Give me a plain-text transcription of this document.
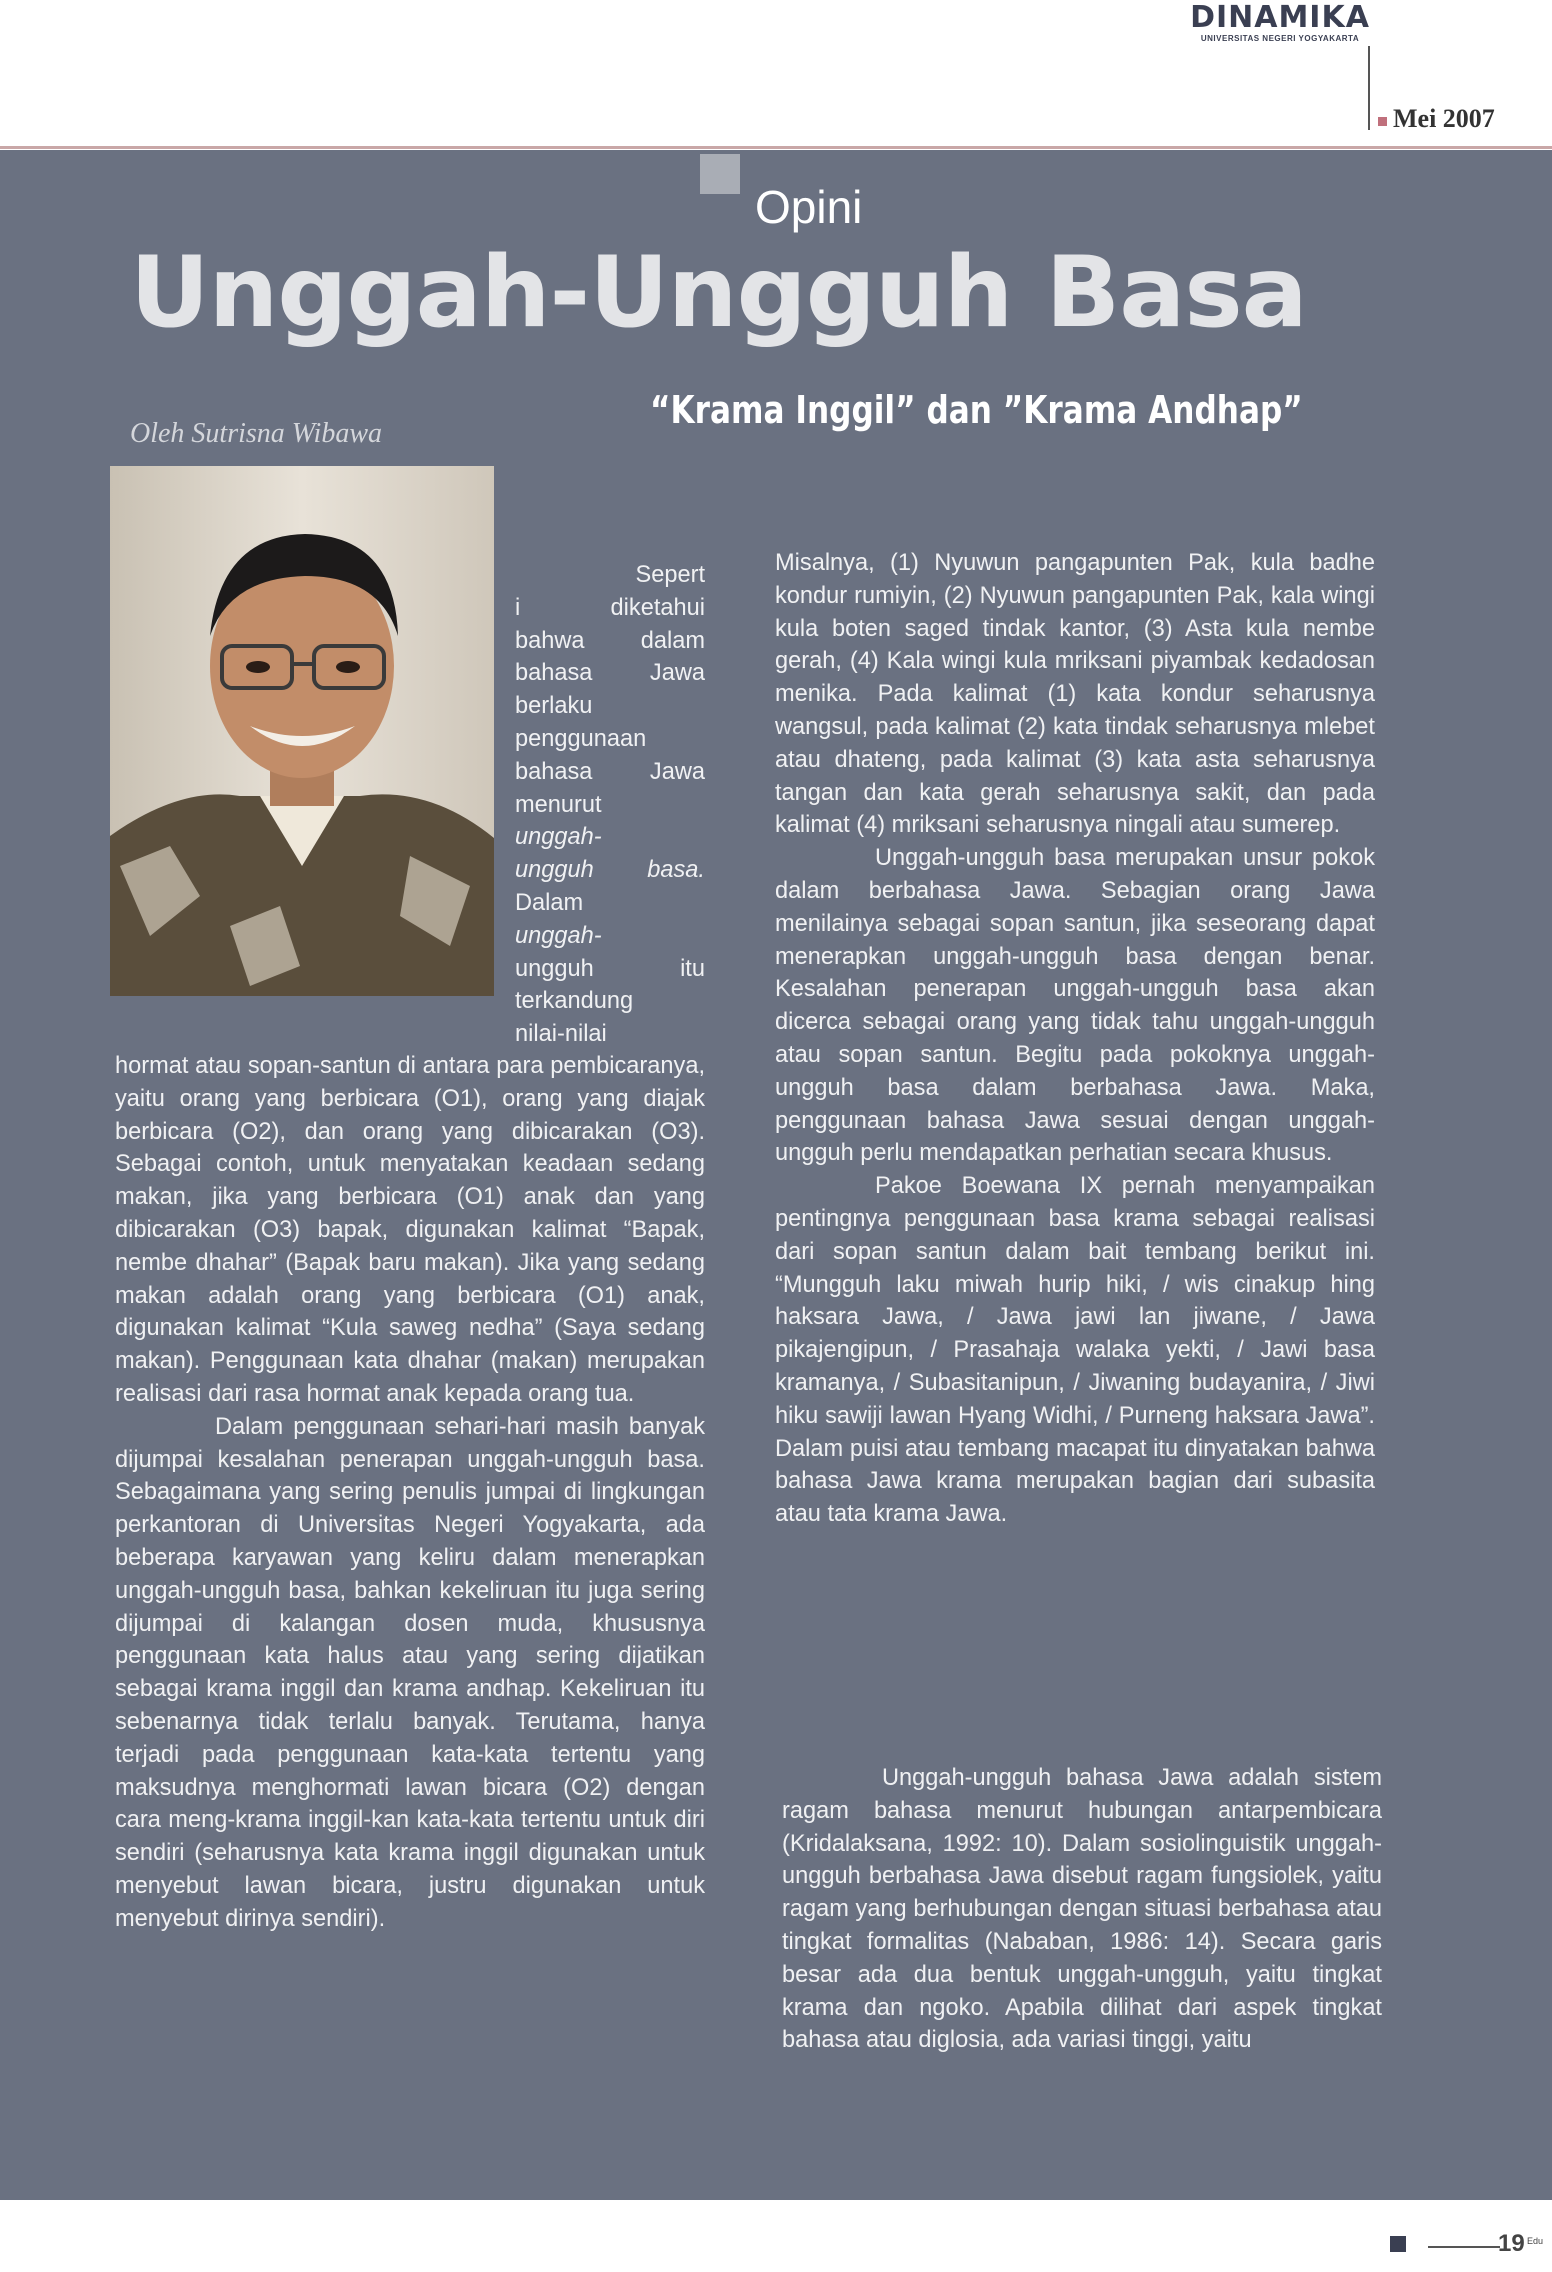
DINAMIKA
UNIVERSITAS NEGERI YOGYAKARTA
Mei 2007
Opini
Unggah-Ungguh Basa
“Krama Inggil” dan ”Krama Andhap”
Oleh Sutrisna Wibawa
Sepert
i diketahui
bahwa dalam
bahasa Jawa
berlaku
penggunaan
bahasa Jawa
menurut
unggah-
ungguh basa.
Dalam
unggah-
ungguh itu
terkandung
nilai-nilai

hormat atau sopan-santun di antara para pembicaranya, yaitu orang yang berbicara (O1), orang yang diajak berbicara (O2), dan orang yang dibicarakan (O3). Sebagai contoh, untuk menyatakan keadaan sedang makan, jika yang berbicara (O1) anak dan yang dibicarakan (O3) bapak, digunakan kalimat “Bapak, nembe dhahar” (Bapak baru makan). Jika yang sedang makan adalah orang yang berbicara (O1) anak, digunakan kalimat “Kula saweg nedha” (Saya sedang makan). Penggunaan kata dhahar (makan) merupakan realisasi dari rasa hormat anak kepada orang tua.

Dalam penggunaan sehari-hari masih banyak dijumpai kesalahan penerapan unggah-ungguh basa. Sebagaimana yang sering penulis jumpai di lingkungan perkantoran di Universitas Negeri Yogyakarta, ada beberapa karyawan yang keliru dalam menerapkan unggah-ungguh basa, bahkan kekeliruan itu juga sering dijumpai di kalangan dosen muda, khususnya penggunaan kata halus atau yang sering dijatikan sebagai krama inggil dan krama andhap. Kekeliruan itu sebenarnya tidak terlalu banyak. Terutama, hanya terjadi pada penggunaan kata-kata tertentu yang maksudnya menghormati lawan bicara (O2) dengan cara meng-krama inggil-kan kata-kata tertentu untuk diri sendiri (seharusnya kata krama inggil digunakan untuk menyebut lawan bicara, justru digunakan untuk menyebut dirinya sendiri).

Misalnya, (1) Nyuwun pangapunten Pak, kula badhe kondur rumiyin, (2) Nyuwun pangapunten Pak, kala wingi kula boten saged tindak kantor, (3) Asta kula nembe gerah, (4) Kala wingi kula mriksani piyambak kedadosan menika. Pada kalimat (1) kata kondur seharusnya wangsul, pada kalimat (2) kata tindak seharusnya mlebet atau dhateng, pada kalimat (3) kata asta seharusnya tangan dan kata gerah seharusnya sakit, dan pada kalimat (4) mriksani seharusnya ningali atau sumerep.

Unggah-ungguh basa merupakan unsur pokok dalam berbahasa Jawa. Sebagian orang Jawa menilainya sebagai sopan santun, jika seseorang dapat menerapkan unggah-ungguh basa dengan benar. Kesalahan penerapan unggah-ungguh basa akan dicerca sebagai orang yang tidak tahu unggah-ungguh atau sopan santun. Begitu pada pokoknya unggah-ungguh basa dalam berbahasa Jawa. Maka, penggunaan bahasa Jawa sesuai dengan unggah-ungguh perlu mendapatkan perhatian secara khusus.

Pakoe Boewana IX pernah menyampaikan pentingnya penggunaan basa krama sebagai realisasi dari sopan santun dalam bait tembang berikut ini. “Mungguh laku miwah hurip hiki, / wis cinakup hing haksara Jawa, / Jawa jawi lan jiwane, / Jawa pikajengipun, / Prasahaja walaka yekti, / Jawi basa kramanya, / Subasitanipun, / Jiwaning budayanira, / Jiwi hiku sawiji lawan Hyang Widhi, / Purneng haksara Jawa”. Dalam puisi atau tembang macapat itu dinyatakan bahwa bahasa Jawa krama merupakan bagian dari subasita atau tata krama Jawa.

Unggah-ungguh bahasa Jawa adalah sistem ragam bahasa menurut hubungan antarpembicara (Kridalaksana, 1992: 10). Dalam sosiolinguistik unggah-ungguh berbahasa Jawa disebut ragam fungsiolek, yaitu ragam yang berhubungan dengan situasi berbahasa atau tingkat formalitas (Nababan, 1986: 14). Secara garis besar ada dua bentuk unggah-ungguh, yaitu tingkat krama dan ngoko. Apabila dilihat dari aspek tingkat bahasa atau diglosia, ada variasi tinggi, yaitu

19 Edu
